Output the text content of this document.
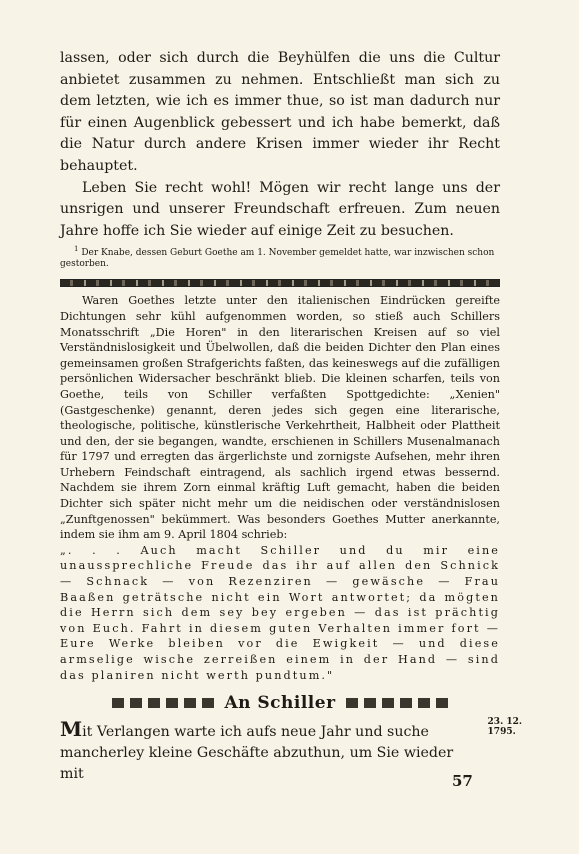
lassen, oder sich durch die Beyhülfen die uns die Cultur anbietet zusammen zu nehmen. Entschließt man sich zu dem letzten, wie ich es immer thue, so ist man dadurch nur für einen Augenblick gebessert und ich habe bemerkt, daß die Natur durch andere Krisen immer wieder ihr Recht behauptet.

Leben Sie recht wohl! Mögen wir recht lange uns der unsrigen und unserer Freundschaft erfreuen. Zum neuen Jahre hoffe ich Sie wieder auf einige Zeit zu besuchen.

$^1$ Der Knabe, dessen Geburt Goethe am 1. November gemeldet hatte, war inzwischen schon gestorben.

Waren Goethes letzte unter den italienischen Eindrücken gereifte Dichtungen sehr kühl aufgenommen worden, so stieß auch Schillers Monatsschrift „Die Horen" in den literarischen Kreisen auf so viel Verständnislosigkeit und Übelwollen, daß die beiden Dichter den Plan eines gemeinsamen großen Strafgerichts faßten, das keineswegs auf die zufälligen persönlichen Widersacher beschränkt blieb. Die kleinen scharfen, teils von Goethe, teils von Schiller verfaßten Spottgedichte: „Xenien" (Gastgeschenke) genannt, deren jedes sich gegen eine literarische, theologische, politische, künstlerische Verkehrtheit, Halbheit oder Plattheit und den, der sie begangen, wandte, erschienen in Schillers Musenalmanach für 1797 und erregten das ärgerlichste und zornigste Aufsehen, mehr ihren Urhebern Feindschaft eintragend, als sachlich irgend etwas bessernd. Nachdem sie ihrem Zorn einmal kräftig Luft gemacht, haben die beiden Dichter sich später nicht mehr um die neidischen oder verständnislosen „Zunftgenossen" bekümmert. Was besonders Goethes Mutter anerkannte, indem sie ihm am 9. April 1804 schrieb:

„. . . Auch macht Schiller und du mir eine unaussprechliche Freude das ihr auf allen den Schnick — Schnack — von Rezenziren — gewäsche — Frau Baaßen geträtsche nicht ein Wort antwortet; da mögten die Herrn sich dem sey bey ergeben — das ist prächtig von Euch. Fahrt in diesem guten Verhalten immer fort — Eure Werke bleiben vor die Ewigkeit — und diese armselige wische zerreißen einem in der Hand — sind das planiren nicht werth pundtum."

An Schiller
23. 12.
1795.

Mit Verlangen warte ich aufs neue Jahr und suche mancherley kleine Geschäfte abzuthun, um Sie wieder mit	57
